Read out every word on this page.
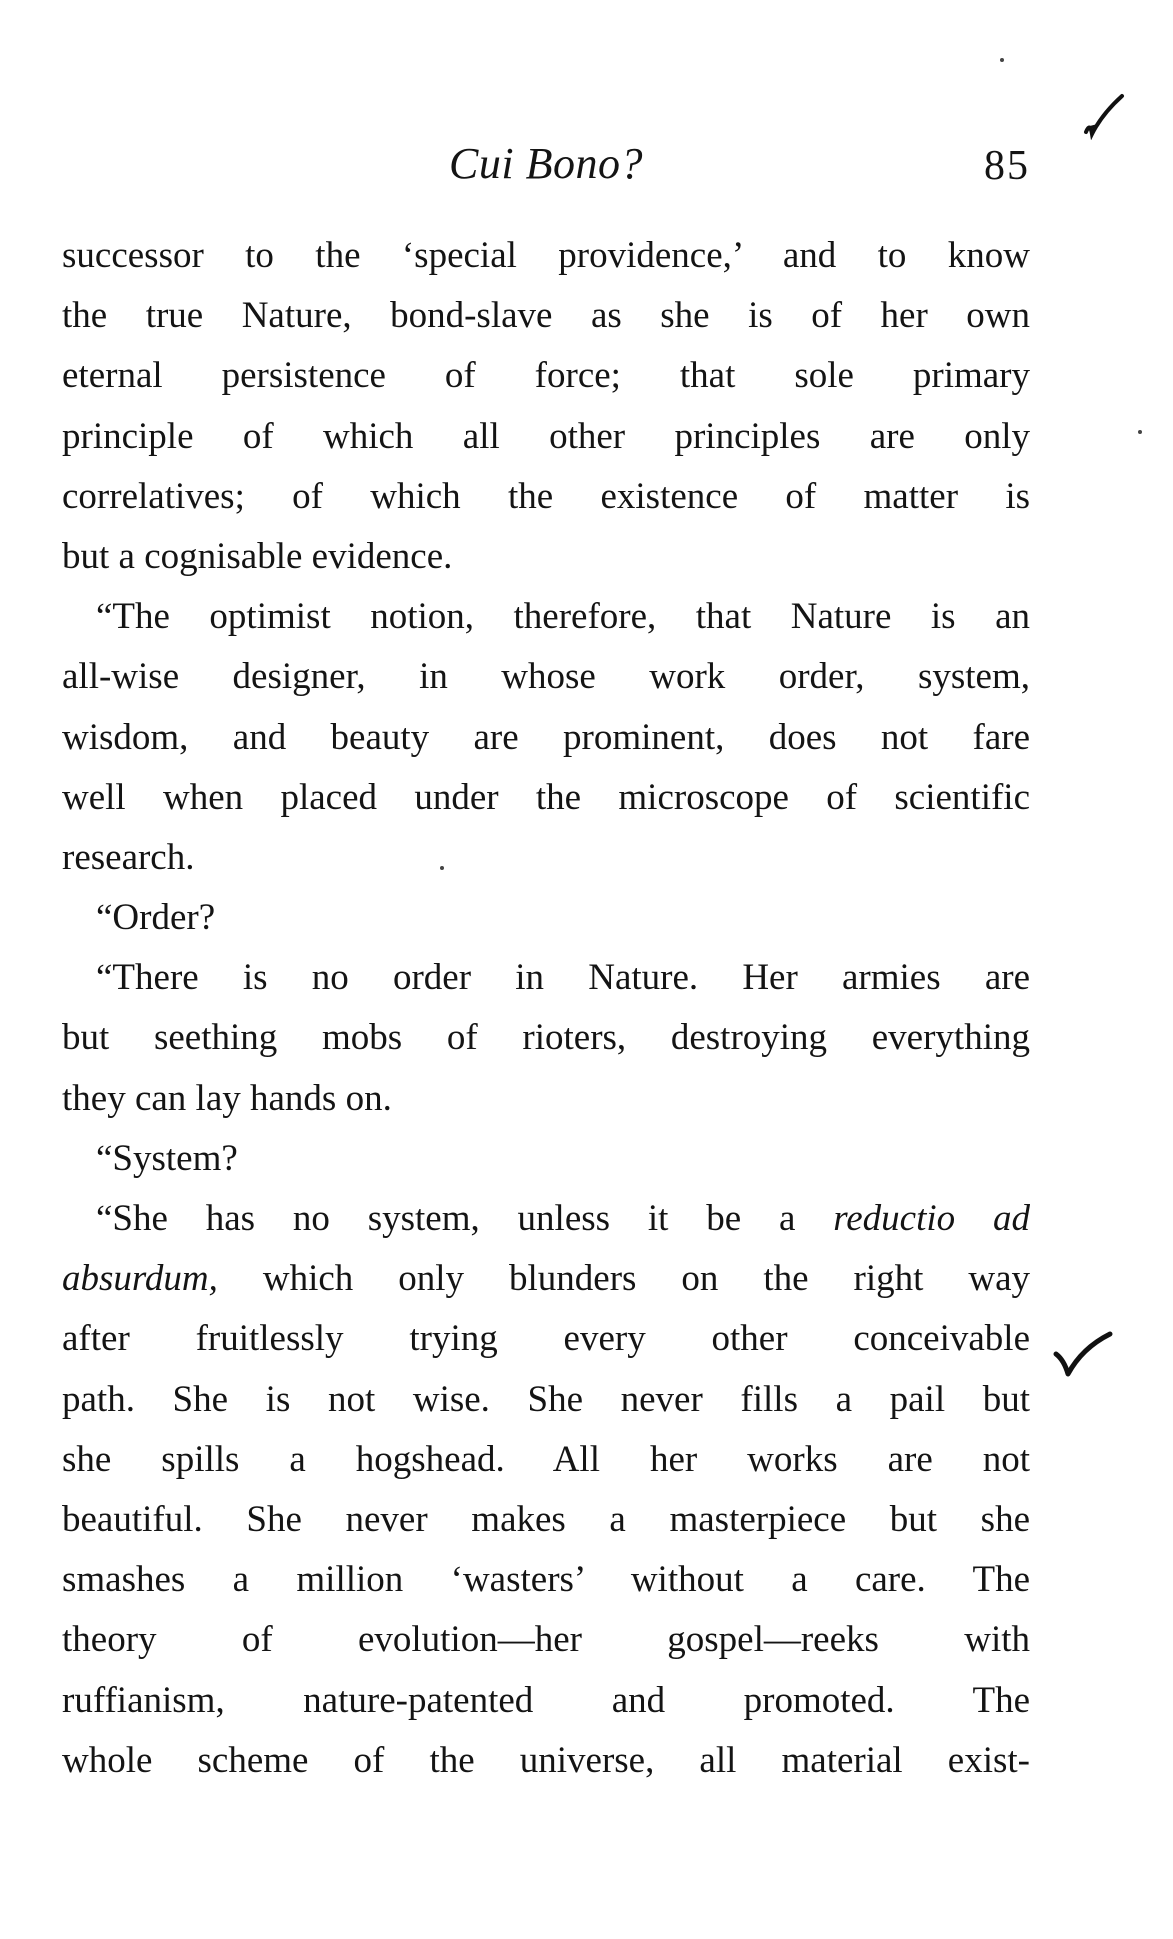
Cui Bono?	85
successor to the ‘special providence,’ and to know
the true Nature, bond-slave as she is of her own
eternal persistence of force; that sole primary
principle of which all other principles are only
correlatives; of which the existence of matter is
but a cognisable evidence.
“The optimist notion, therefore, that Nature is an
all-wise designer, in whose work order, system,
wisdom, and beauty are prominent, does not fare
well when placed under the microscope of scientific
research.
“Order?
“There is no order in Nature. Her armies are
but seething mobs of rioters, destroying everything
they can lay hands on.
“System?
“She has no system, unless it be a reductio ad
absurdum, which only blunders on the right way
after fruitlessly trying every other conceivable
path. She is not wise. She never fills a pail but
she spills a hogshead. All her works are not
beautiful. She never makes a masterpiece but she
smashes a million ‘wasters’ without a care. The
theory of evolution—her gospel—reeks with
ruffianism, nature-patented and promoted. The
whole scheme of the universe, all material exist-
